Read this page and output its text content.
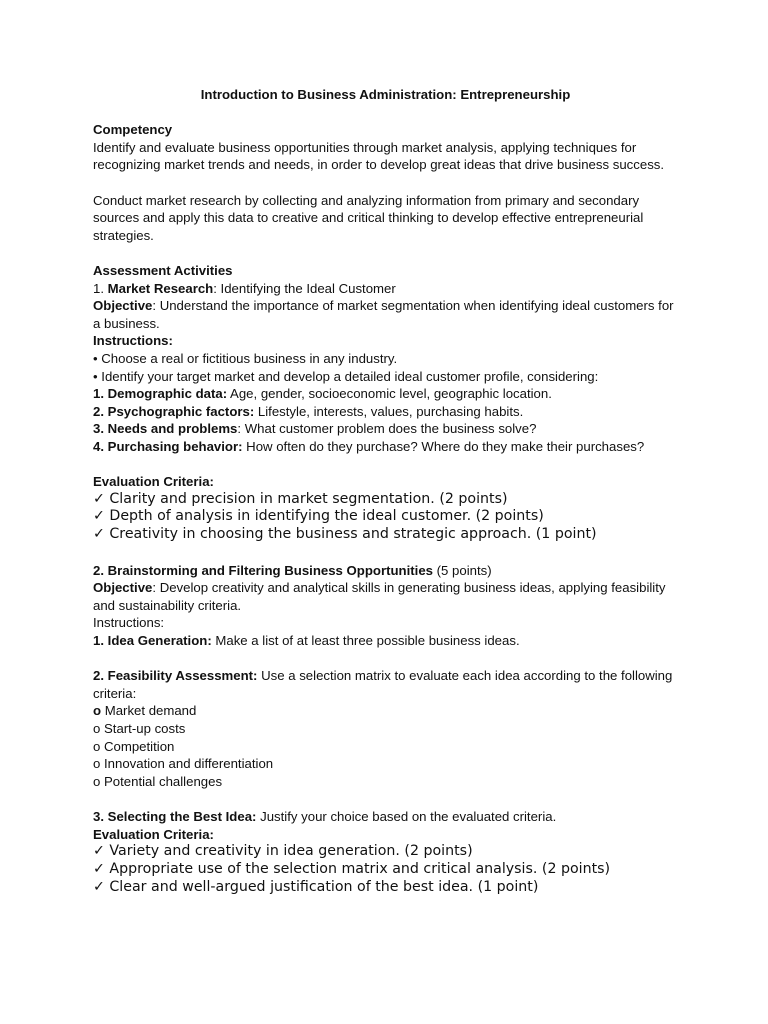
Introduction to Business Administration: Entrepreneurship

Competency

Identify and evaluate business opportunities through market analysis, applying techniques for recognizing market trends and needs, in order to develop great ideas that drive business success.

Conduct market research by collecting and analyzing information from primary and secondary sources and apply this data to creative and critical thinking to develop effective entrepreneurial strategies.

Assessment Activities

1. Market Research: Identifying the Ideal Customer

Objective: Understand the importance of market segmentation when identifying ideal customers for a business.

Instructions:

• Choose a real or fictitious business in any industry.

• Identify your target market and develop a detailed ideal customer profile, considering:

1. Demographic data: Age, gender, socioeconomic level, geographic location.

2. Psychographic factors: Lifestyle, interests, values, purchasing habits.

3. Needs and problems: What customer problem does the business solve?

4. Purchasing behavior: How often do they purchase? Where do they make their purchases?

Evaluation Criteria:

✓ Clarity and precision in market segmentation. (2 points)

✓ Depth of analysis in identifying the ideal customer. (2 points)

✓ Creativity in choosing the business and strategic approach. (1 point)

2. Brainstorming and Filtering Business Opportunities (5 points)

Objective: Develop creativity and analytical skills in generating business ideas, applying feasibility and sustainability criteria.

Instructions:

1. Idea Generation: Make a list of at least three possible business ideas.

2. Feasibility Assessment: Use a selection matrix to evaluate each idea according to the following criteria:

o Market demand

o Start-up costs

o Competition

o Innovation and differentiation

o Potential challenges

3. Selecting the Best Idea: Justify your choice based on the evaluated criteria.

Evaluation Criteria:

✓ Variety and creativity in idea generation. (2 points)

✓ Appropriate use of the selection matrix and critical analysis. (2 points)

✓ Clear and well-argued justification of the best idea. (1 point)
